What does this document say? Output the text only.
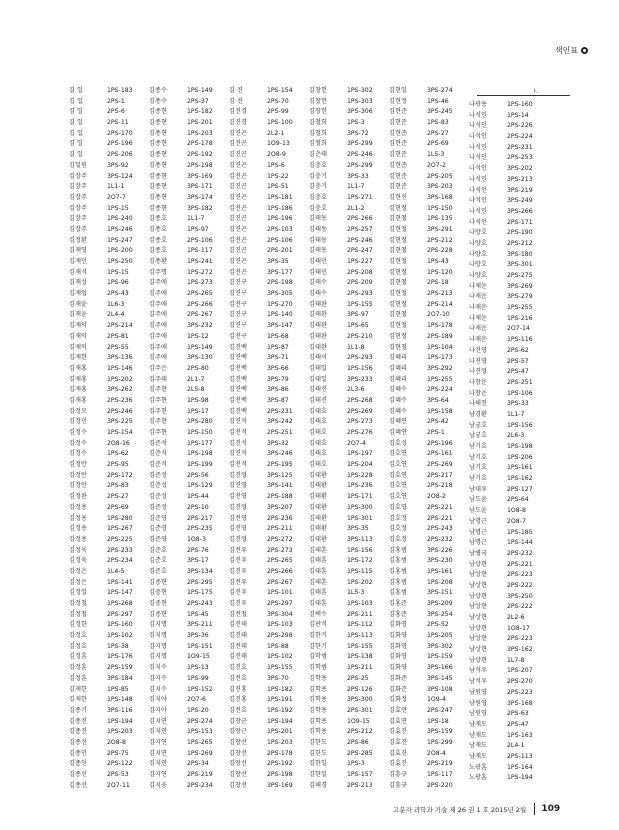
색인표
ㄴ
김 일
김 일
김 일
김 일
김 일
김 일
김 일
김일원
김장주
김장주
김장주
김장주
김장주
김장주
김정환
김재영
김재민
김재석
김재성
김재업
김재윤
김재윤
김재익
김재익
김재익
김재한
김재홍
김재홍
김재홍
김재홍
김정모
김정민
김정수
김정수
김정수
김정안
김정안
김정안
김정완
김정용
김정용
김정용
김정용
김정욱
김정욱
김정은
김정은
김정일
김정철
김정철
김정한
김정호
김정호
김정훈
김정훈
김정훈
김제한
김제한
김종기
김종진
김종진
김종진
김종인
김종인
김종선
김종선
1PS-183
2PS-1
2PS-6
2PS-11
2PS-170
2PS-196
2PS-206
3PS-92
3PS-124
1L1-1
2O7-7
1PS-15
1PS-240
1PS-246
1PS-247
1PS-200
1PS-250
1PS-15
1PS-96
2PS-43
1L6-3
2L4-4
2PS-214
2PS-81
2PS-55
3PS-136
1PS-146
1PS-202
3PS-262
2PS-236
2PS-246
3PS-225
1PS-154
2O8-16
1PS-62
2PS-95
2PS-172
2PS-83
2PS-27
2PS-69
1PS-280
1PS-267
2PS-225
2PS-233
2PS-234
1L4-5
1PS-141
1PS-147
1PS-268
2PS-297
1PS-160
1PS-102
1PS-38
1PS-176
2PS-159
3PS-184
1PS-85
1PS-148
3PS-116
1PS-194
1PS-203
2O8-8
2PS-75
2PS-122
2PS-53
2O7-11
김종수
김종수
김종현
김종현
김종현
김종현
김종현
김종현
김종현
김종현
김종현
김종현
김종호
김종호
김종호
김종호
김종환
김주명
김주애
김주애
김주애
김주애
김주애
김주애
김주애
김주애
김주은
김주태
김주현
김주현
김주현
김주현
김주현
김준석
김준석
김준석
김준성
김준성
김준성
김준성
김준영
김준영
김준영
김준호
김준호
김준호
김중현
김중현
김중현
김중현
김지명
김지명
김지명
김지명
김지수
김지수
김지수
김지아
김지아
김지연
김지연
김지연
김지연
김지연
김지연
김지웅
1PS-149
2PS-37
1PS-182
1PS-201
1PS-203
2PS-178
2PS-192
2PS-198
3PS-169
3PS-171
3PS-174
3PS-182
1L1-7
1PS-97
2PS-106
1PS-117
1PS-241
1PS-272
1PS-273
2PS-265
2PS-266
2PS-267
3PS-232
1PS-12
1PS-149
3PS-130
2PS-80
2L1-7
2L5-8
1PS-98
1PS-17
2PS-280
1PS-150
1PS-177
1PS-198
1PS-199
2PS-56
1PS-129
1PS-44
2PS-10
2PS-217
2PS-235
1O8-3
2PS-76
3PS-17
3PS-134
2PS-295
1PS-175
2PS-243
1PS-45
3PS-211
3PS-36
1PS-151
1O9-15
1PS-13
1PS-99
1PS-152
2O7-6
1PS-20
2PS-274
1PS-153
1PS-265
1PS-269
2PS-34
2PS-219
2PS-234
김 진
김 진
김진경
김진경
김진곤
김진곤
김진곤
김진곤
김진곤
김진곤
김진곤
김진곤
김진곤
김진곤
김진곤
김진곤
김진곤
김진곤
김진구
김진구
김진구
김진구
김진구
김진구
김진백
김진백
김진백
김진백
김진백
김진백
김진백
김진석
김진석
김진석
김진석
김진석
김진영
김진영
김진영
김진영
김진영
김진영
김진영
김진우
김진우
김진우
김진우
김진우
김진우
김진철
김진태
김진태
김진태
김진태
김진호
김진호
김진홍
김진홍
김진호
김창군
김창근
김창선
김창선
김창선
김창선
김창선
1PS-154
2PS-70
2PS-99
1PS-100
2L2-1
1O9-13
2O8-9
1PS-6
1PS-22
1PS-51
1PS-181
1PS-186
1PS-196
2PS-103
2PS-106
2PS-201
3PS-35
3PS-177
2PS-198
3PS-305
1PS-270
1PS-140
3PS-147
1PS-68
1PS-87
3PS-71
3PS-66
3PS-79
3PS-86
3PS-87
2PS-231
3PS-242
2PS-251
3PS-32
3PS-246
2PS-195
3PS-125
3PS-141
2PS-188
3PS-207
2PS-236
2PS-211
2PS-272
2PS-273
2PS-265
2PS-266
2PS-267
1PS-101
2PS-297
3PS-304
1PS-103
2PS-298
1PS-88
1PS-102
1PS-155
3PS-70
1PS-182
1PS-191
1PS-192
1PS-194
1PS-201
1PS-203
2PS-178
2PS-192
2PS-198
3PS-169
김창헌
김창헌
김창헌
김철희
김철희
김철희
김춘태
김충호
김충기
김충기
김충호
김충호
김태동
김태동
김태동
김태동
김태민
김태민
김태수
김태수
김태완
김태완
김태완
김태완
김태완
김태이
김태일
김태일
김태진
김태진
김태호
김태호
김태호
김태호
김태호
김태호
김태환
김태환
김태환
김태환
김태환
김태환
김태환
김태훈
김태훈
김태훈
김태훈
김태훈
김태훈
김택수
김판석
김한기
김한기
김학범
김학범
김학용
김학용
김학용
김학용
김학용
김학용
김한도
김한도
김한일
김한일
김해경
1PS-302
1PS-303
3PS-306
1PS-3
3PS-72
3PS-299
2PS-246
2PS-299
3PS-33
1L1-7
1PS-271
2L1-2
2PS-266
2PS-257
2PS-246
2PS-247
1PS-227
2PS-208
2PS-209
2PS-293
1PS-155
3PS-97
1PS-65
2PS-210
1L1-8
2PS-293
1PS-156
3PS-233
2L3-6
2PS-268
2PS-269
2PS-273
2PS-276
2O7-4
1PS-197
1PS-204
1PS-228
1PS-236
1PS-171
1PS-300
1PS-301
3PS-35
3PS-113
1PS-156
1PS-172
1PS-115
1PS-202
1L5-3
1PS-103
2PS-211
1PS-112
1PS-113
1PS-155
1PS-138
1PS-211
2PS-25
2PS-126
3PS-300
2PS-301
1O9-15
2PS-212
2PS-86
2PS-285
1PS-3
1PS-157
2PS-213
김현일
김현정
김현준
김현준
김현준
김현준
김현준
김현준
김현준
김현준
김현진
김현철
김현철
김현철
김현철
김현철
김현철
김현철
김현철
김현철
김현철
김현철
김현철
김현철
김현철
김혜리
김혜리
김혜리
김혜수
김혜수
김혜수
김혜연
김혜연
김호성
김호연
김호연
김호연
김호연
김호연
김호영
김호정
김호정
김호정
김홍범
김홍범
김홍범
김홍범
김홍범
김홍준
김홍준
김화영
김화영
김화영
김화영
김화영
김화준
김화준
김화정
김효연
김효연
김효진
김효진
김효진
김효진
김흥규
김흥규
3PS-274
1PS-46
3PS-245
1PS-83
2PS-27
2PS-69
1L5-3
2O7-2
2PS-205
3PS-203
3PS-168
1PS-150
1PS-135
3PS-291
2PS-212
2PS-228
1PS-43
1PS-120
2PS-18
2PS-213
2PS-214
2O7-10
1PS-178
2PS-189
1PS-104
1PS-173
3PS-292
1PS-255
2PS-224
3PS-64
1PS-158
2PS-42
2PS-1
2PS-196
2PS-161
2PS-269
2PS-217
2PS-218
2O8-2
2PS-221
2PS-221
2PS-243
2PS-232
3PS-226
3PS-230
1PS-161
1PS-208
3PS-151
3PS-209
3PS-254
2PS-52
1PS-205
3PS-302
1PS-159
3PS-166
3PS-145
3PS-108
1O9-4
2PS-247
1PS-18
3PS-159
1PS-299
2O8-4
2PS-219
1PS-117
2PS-220
나광용
나석인
나석인
나석인
나석인
나석인
나석인
나석인
나석인
나석인
나석인
나석인
나양호
나양호
나양호
나양호
나양호
나재운
나재운
나재운
나재운
나재운
나재운
나진영
나진영
나진영
나창운
나창운
나해천
남경환
남궁호
남궁호
남기호
남기호
남기호
남기호
남대우
남도윤
남도윤
남명근
남명근
남명근
남병국
남상현
남상현
남상현
남상현
남상현
남상현
남상현
남상현
남상현
남상현
남석우
남석우
남원영
남원영
남원영
남재도
남재도
남재도
남재도
노광훈
노광훈
1PS-160
1PS-14
2PS-226
2PS-224
2PS-231
2PS-253
3PS-202
3PS-213
3PS-219
3PS-249
3PS-266
2PS-171
2PS-190
2PS-212
3PS-180
3PS-301
2PS-275
3PS-269
3PS-279
1PS-255
1PS-216
2O7-14
1PS-116
2PS-62
2PS-57
2PS-47
2PS-251
1PS-106
3PS-33
1L1-7
1PS-156
2L6-3
1PS-198
1PS-206
1PS-161
1PS-162
2PS-127
2PS-64
1O8-8
2O8-7
1PS-185
1PS-144
2PS-232
2PS-221
2PS-223
2PS-222
3PS-250
2PS-222
2L2-6
1O8-17
2PS-223
3PS-162
1L7-8
1PS-207
2PS-270
2PS-223
3PS-168
2PS-63
2PS-47
1PS-163
2L4-1
2PS-113
1PS-164
1PS-194
고분자 과학과 기술 제 26 권 1 호 2015년 2월 109
